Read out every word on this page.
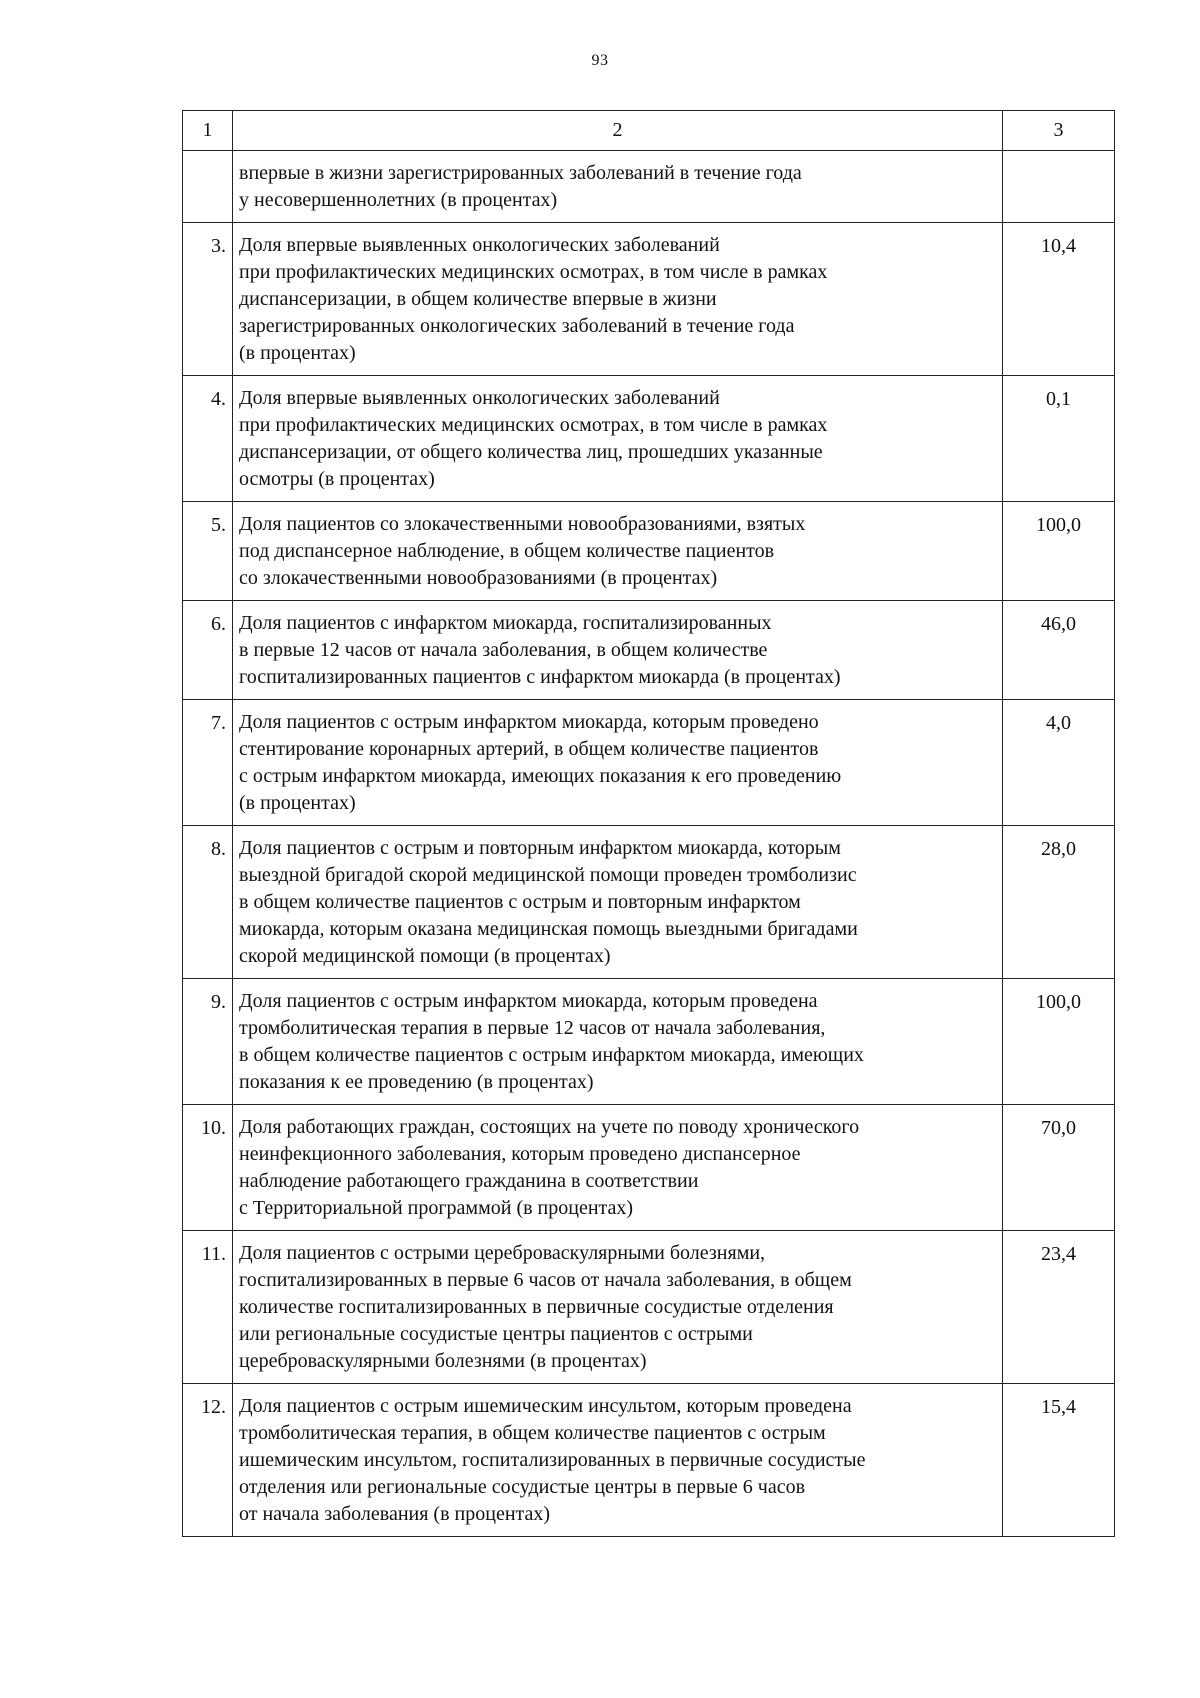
93
1	2	3

	впервые в жизни зарегистрированных заболеваний в течение года
у несовершеннолетних (в процентах)	

3.	Доля впервые выявленных онкологических заболеваний
при профилактических медицинских осмотрах, в том числе в рамках
диспансеризации, в общем количестве впервые в жизни
зарегистрированных онкологических заболеваний в течение года
(в процентах)	10,4
4.	Доля впервые выявленных онкологических заболеваний
при профилактических медицинских осмотрах, в том числе в рамках
диспансеризации, от общего количества лиц, прошедших указанные
осмотры (в процентах)	0,1
5.	Доля пациентов со злокачественными новообразованиями, взятых
под диспансерное наблюдение, в общем количестве пациентов
со злокачественными новообразованиями (в процентах)	100,0
6.	Доля пациентов с инфарктом миокарда, госпитализированных
в первые 12 часов от начала заболевания, в общем количестве
госпитализированных пациентов с инфарктом миокарда (в процентах)	46,0
7.	Доля пациентов с острым инфарктом миокарда, которым проведено
стентирование коронарных артерий, в общем количестве пациентов
с острым инфарктом миокарда, имеющих показания к его проведению
(в процентах)	4,0
8.	Доля пациентов с острым и повторным инфарктом миокарда, которым
выездной бригадой скорой медицинской помощи проведен тромболизис
в общем количестве пациентов с острым и повторным инфарктом
миокарда, которым оказана медицинская помощь выездными бригадами
скорой медицинской помощи (в процентах)	28,0
9.	Доля пациентов с острым инфарктом миокарда, которым проведена
тромболитическая терапия в первые 12 часов от начала заболевания,
в общем количестве пациентов с острым инфарктом миокарда, имеющих
показания к ее проведению (в процентах)	100,0
10.	Доля работающих граждан, состоящих на учете по поводу хронического
неинфекционного заболевания, которым проведено диспансерное
наблюдение работающего гражданина в соответствии
с Территориальной программой (в процентах)	70,0
11.	Доля пациентов с острыми цереброваскулярными болезнями,
госпитализированных в первые 6 часов от начала заболевания, в общем
количестве госпитализированных в первичные сосудистые отделения
или региональные сосудистые центры пациентов с острыми
цереброваскулярными болезнями (в процентах)	23,4
12.	Доля пациентов с острым ишемическим инсультом, которым проведена
тромболитическая терапия, в общем количестве пациентов с острым
ишемическим инсультом, госпитализированных в первичные сосудистые
отделения или региональные сосудистые центры в первые 6 часов
от начала заболевания (в процентах)	15,4
